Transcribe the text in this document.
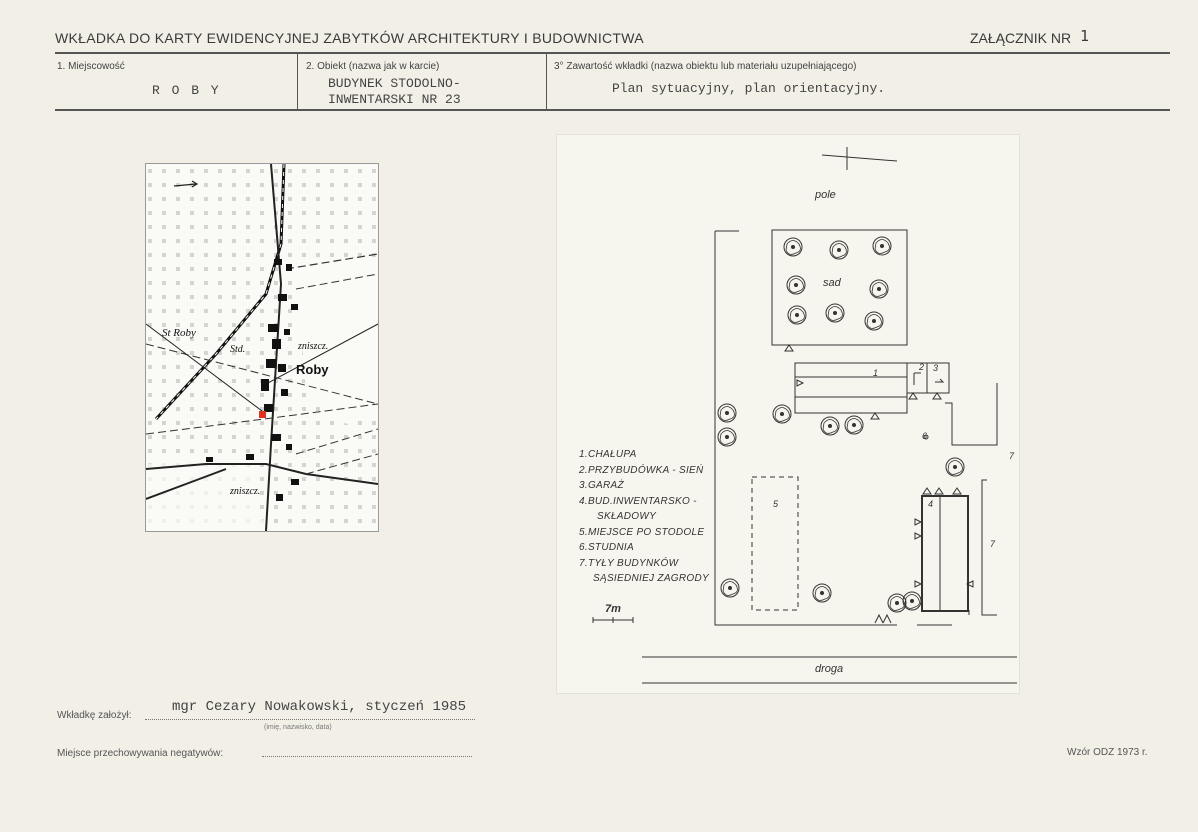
WKŁADKA DO KARTY EWIDENCYJNEJ ZABYTKÓW ARCHITEKTURY I BUDOWNICTWA	ZAŁĄCZNIK NR 1
1. Miejscowość
R O B Y
2. Obiekt (nazwa jak w karcie)
BUDYNEK STODOLNO-
INWENTARSKI NR 23
3° Zawartość wkładki (nazwa obiektu lub materiału uzupełniającego)
Plan sytuacyjny, plan orientacyjny.
St Roby
Std.	zniszcz.
Roby
zniszcz.
pole
sad
droga
7m
1
2 3
4
5
6
7
7
1.CHAŁUPA
2.PRZYBUDÓWKA - SIEŃ
3.GARAŻ
4.BUD.INWENTARSKO -
SKŁADOWY
5.MIEJSCE PO STODOLE
6.STUDNIA
7.TYŁY BUDYNKÓW
SĄSIEDNIEJ ZAGRODY
Wkładkę założył:
mgr Cezary Nowakowski, styczeń 1985
(imię, nazwisko, data)
Miejsce przechowywania negatywów:	Wzór ODZ 1973 r.
